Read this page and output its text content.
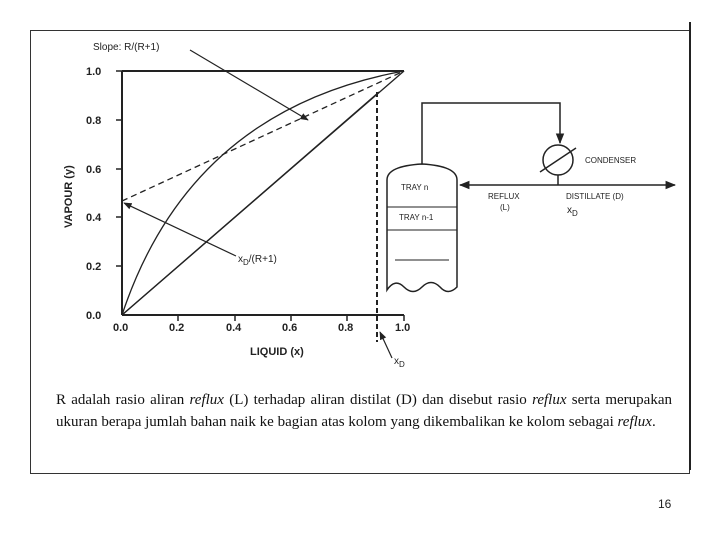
1.0
0.8
0.6
0.4
0.2
0.0
0.0	0.2	0.4	0.6	0.8	1.0
LIQUID (x)
VAPOUR (y)
Slope: R/(R+1)
$x_D/(R+1)$
$x_D$
TRAY n
TRAY n-1
CONDENSER
REFLUX
(L)
DISTILLATE (D)
$x_D$

R adalah rasio aliran reflux (L) terhadap aliran distilat (D) dan disebut rasio reflux serta merupakan ukuran berapa jumlah bahan naik ke bagian atas kolom yang dikembalikan ke kolom sebagai reflux.

16
